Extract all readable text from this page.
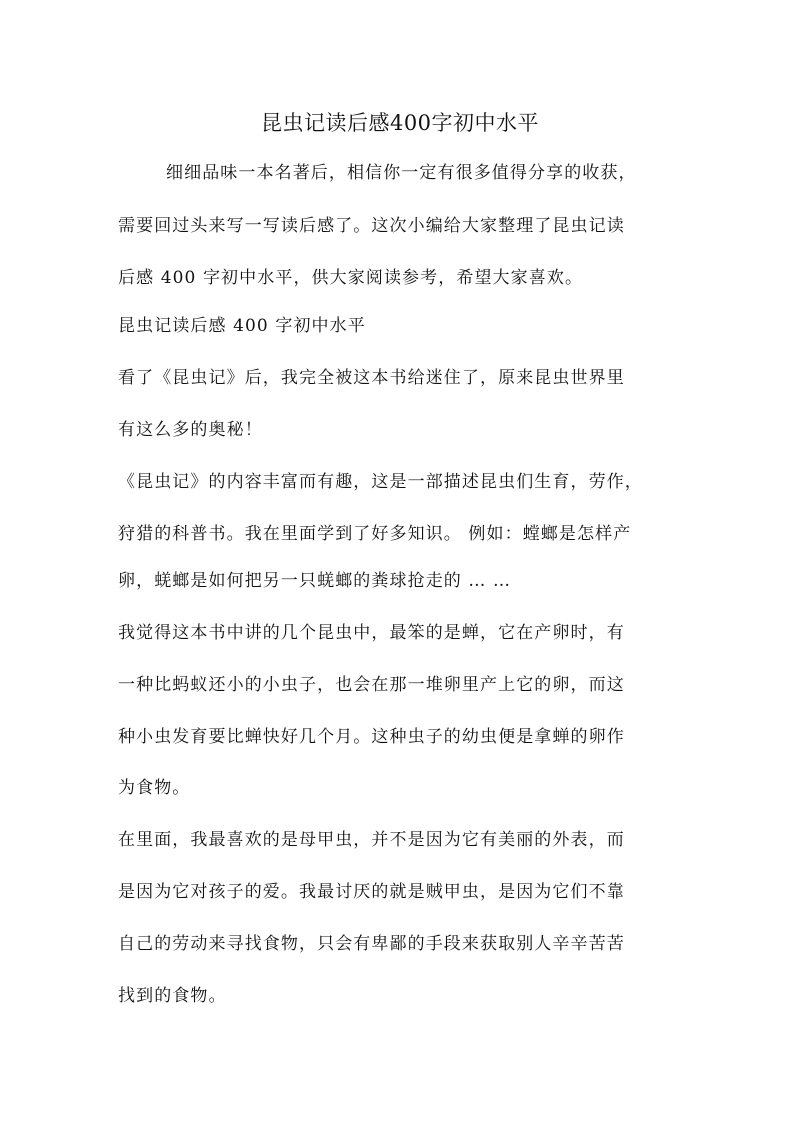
昆虫记读后感400字初中水平
细细品味一本名著后，相信你一定有很多值得分享的收获，
需要回过头来写一写读后感了。这次小编给大家整理了昆虫记读
后感 400 字初中水平，供大家阅读参考，希望大家喜欢。
昆虫记读后感 400 字初中水平
看了《昆虫记》后，我完全被这本书给迷住了，原来昆虫世界里
有这么多的奥秘！
《昆虫记》的内容丰富而有趣，这是一部描述昆虫们生育，劳作，
狩猎的科普书。我在里面学到了好多知识。 例如：螳螂是怎样产
卵，蜣螂是如何把另一只蜣螂的粪球抢走的 … …
我觉得这本书中讲的几个昆虫中，最笨的是蝉，它在产卵时，有
一种比蚂蚁还小的小虫子，也会在那一堆卵里产上它的卵，而这
种小虫发育要比蝉快好几个月。这种虫子的幼虫便是拿蝉的卵作
为食物。
在里面，我最喜欢的是母甲虫，并不是因为它有美丽的外表，而
是因为它对孩子的爱。我最讨厌的就是贼甲虫，是因为它们不靠
自己的劳动来寻找食物，只会有卑鄙的手段来获取别人辛辛苦苦
找到的食物。
